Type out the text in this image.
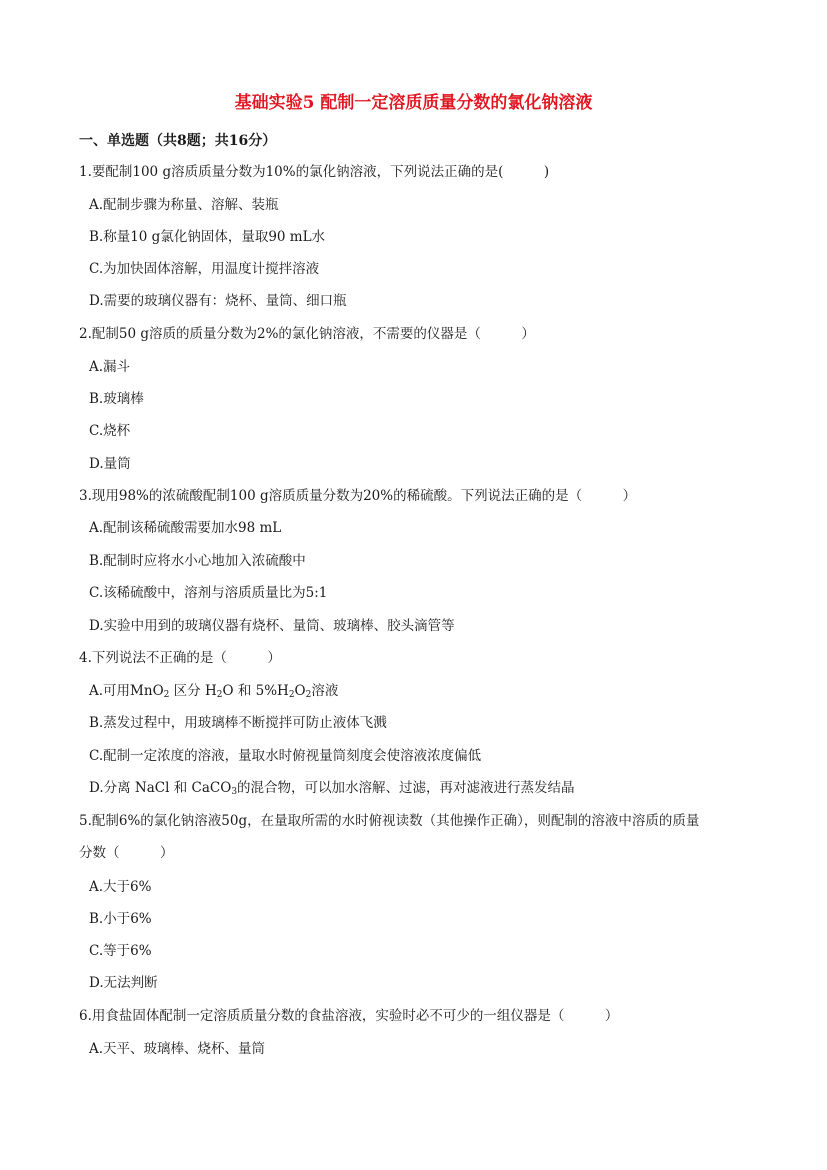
基础实验5 配制一定溶质质量分数的氯化钠溶液
一、单选题（共8题；共16分）
1.要配制100 g溶质质量分数为10%的氯化钠溶液，下列说法正确的是(　　　)
A.配制步骤为称量、溶解、装瓶
B.称量10 g氯化钠固体，量取90 mL水
C.为加快固体溶解，用温度计搅拌溶液
D.需要的玻璃仪器有：烧杯、量筒、细口瓶
2.配制50 g溶质的质量分数为2%的氯化钠溶液，不需要的仪器是（　　　）
A.漏斗
B.玻璃棒
C.烧杯
D.量筒
3.现用98%的浓硫酸配制100 g溶质质量分数为20%的稀硫酸。下列说法正确的是（　　　）
A.配制该稀硫酸需要加水98 mL
B.配制时应将水小心地加入浓硫酸中
C.该稀硫酸中，溶剂与溶质质量比为5:1
D.实验中用到的玻璃仪器有烧杯、量筒、玻璃棒、胶头滴管等
4.下列说法不正确的是（　　　）
A.可用MnO$_2$ 区分 $H_2O$ 和 $5\%H_2O_2$溶液
B.蒸发过程中，用玻璃棒不断搅拌可防止液体飞溅
C.配制一定浓度的溶液，量取水时俯视量筒刻度会使溶液浓度偏低
D.分离 NaCl 和 CaCO$_3$的混合物，可以加水溶解、过滤，再对滤液进行蒸发结晶
5.配制6%的氯化钠溶液50g，在量取所需的水时俯视读数（其他操作正确），则配制的溶液中溶质的质量
分数（　　　）
A.大于6%
B.小于6%
C.等于6%
D.无法判断
6.用食盐固体配制一定溶质质量分数的食盐溶液，实验时必不可少的一组仪器是（　　　）
A.天平、玻璃棒、烧杯、量筒
